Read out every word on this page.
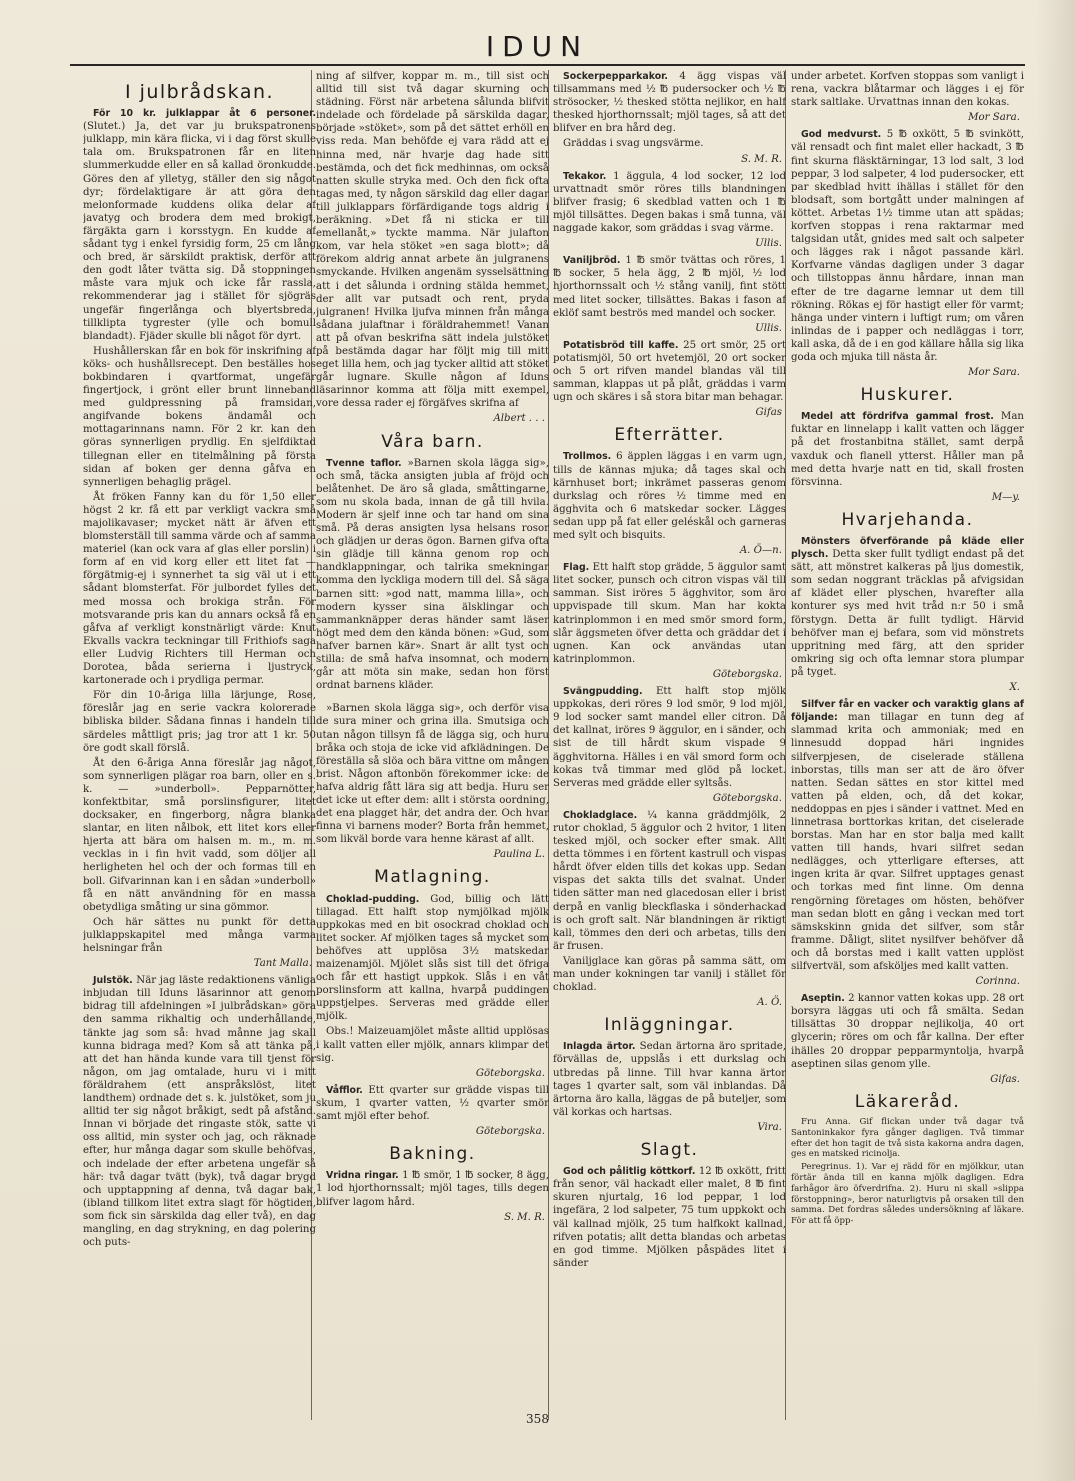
IDUN
I julbrådskan.

För 10 kr. julklappar åt 6 personer. (Slutet.) Ja, det var ju brukspatronens julklapp, min kära flicka, vi i dag först skulle tala om. Brukspatronen får en liten slummerkudde eller en så kallad öronkudde. Göres den af ylletyg, ställer den sig något dyr; fördelaktigare är att göra den melonformade kuddens olika delar af javatyg och brodera dem med brokigt, färgäkta garn i korsstygn. En kudde af sådant tyg i enkel fyrsidig form, 25 cm lång och bred, är särskildt praktisk, derför att den godt låter tvätta sig. Då stoppningen måste vara mjuk och icke får rassla, rekommenderar jag i stället för sjögräs ungefär fingerlånga och blyertsbreda, tillklipta tygrester (ylle och bomull blandadt). Fjäder skulle bli något för dyrt.

Hushållerskan får en bok för inskrifning af köks- och hushållsrecept. Den beställes hos bokbindaren i qvartformat, ungefär fingertjock, i grönt eller brunt linneband med guldpressning på framsidan, angifvande bokens ändamål och mottagarinnans namn. För 2 kr. kan den göras synnerligen prydlig. En sjelfdiktad tillegnan eller en titelmålning på första sidan af boken ger denna gåfva en synnerligen behaglig prägel.

Åt fröken Fanny kan du för 1,50 eller högst 2 kr. få ett par verkligt vackra små majolikavaser; mycket nätt är äfven ett blomsterställ till samma värde och af samma materiel (kan ock vara af glas eller porslin) i form af en vid korg eller ett litet fat — förgätmig-ej i synnerhet ta sig väl ut i ett sådant blomsterfat. För julbordet fylles det med mossa och brokiga strån. För motsvarande pris kan du annars också få en gåfva af verkligt konstnärligt värde: Knut Ekvalls vackra teckningar till Frithiofs saga eller Ludvig Richters till Herman och Dorotea, båda serierna i ljustryck, kartonerade och i prydliga permar.

För din 10-åriga lilla lärjunge, Rose, föreslår jag en serie vackra kolorerade bibliska bilder. Sådana finnas i handeln till särdeles måttligt pris; jag tror att 1 kr. 50 öre godt skall förslå.

Åt den 6-åriga Anna föreslår jag något, som synnerligen plägar roa barn, oller en s. k. — »underboll». Pepparnötter, konfektbitar, små porslinsfigurer, litet docksaker, en fingerborg, några blanka slantar, en liten nålbok, ett litet kors eller hjerta att bära om halsen m. m., m. m. vecklas in i fin hvit vadd, som döljer all herligheten hel och der och formas till en boll. Gifvarinnan kan i en sådan »underboll» få en nätt användning för en massa obetydliga småting ur sina gömmor.

Och här sättes nu punkt för detta julklappskapitel med många varma helsningar från

Tant Malla.

Julstök. När jag läste redaktionens vänliga inbjudan till Iduns läsarinnor att genom bidrag till afdelningen »I julbrådskan» göra den samma rikhaltig och underhållande, tänkte jag som så: hvad månne jag skall kunna bidraga med? Kom så att tänka på, att det han hända kunde vara till tjenst för någon, om jag omtalade, huru vi i mitt föräldrahem (ett anspråkslöst, litet landthem) ordnade det s. k. julstöket, som ju alltid ter sig något bråkigt, sedt på afstånd. Innan vi började det ringaste stök, satte vi oss alltid, min syster och jag, och räknade efter, hur många dagar som skulle behöfvas, och indelade der efter arbetena ungefär så här: två dagar tvätt (byk), två dagar brygd och upptappning af denna, två dagar bak, (ibland tillkom litet extra slagt för högtiden, som fick sin särskilda dag eller två), en dag mangling, en dag strykning, en dag polering och puts-

ning af silfver, koppar m. m., till sist och alltid till sist två dagar skurning och städning. Först när arbetena sålunda blifvit indelade och fördelade på särskilda dagar, började »stöket», som på det sättet erhöll en viss reda. Man behöfde ej vara rädd att ej hinna med, när hvarje dag hade sitt bestämda, och det fick medhinnas, om också natten skulle stryka med. Och den fick ofta tagas med, ty någon särskild dag eller dagar till julklappars förfärdigande togs aldrig i beräkning. »Det få ni sticka er till emellanåt,» tyckte mamma. När julafton kom, var hela stöket »en saga blott»; då förekom aldrig annat arbete än julgranens smyckande. Hvilken angenäm sysselsättning att i det sålunda i ordning stälda hemmet, der allt var putsadt och rent, pryda julgranen! Hvilka ljufva minnen från många sådana julaftnar i föräldrahemmet! Vanan att på ofvan beskrifna sätt indela julstöket på bestämda dagar har följt mig till mitt eget lilla hem, och jag tycker alltid att stöket går lugnare. Skulle någon af Iduns läsarinnor komma att följa mitt exempel, vore dessa rader ej förgäfves skrifna af

Albert . . .

Våra barn.

Tvenne taflor. »Barnen skola lägga sig», och små, täcka ansigten jubla af fröjd och belåtenhet. De äro så glada, småttingarne, som nu skola bada, innan de gå till hvila. Modern är sjelf inne och tar hand om sina små. På deras ansigten lysa helsans rosor och glädjen ur deras ögon. Barnen gifva ofta sin glädje till känna genom rop och handklappningar, och talrika smekningar komma den lyckliga modern till del. Så säga barnen sitt: »god natt, mamma lilla», och modern kysser sina älsklingar och sammanknäpper deras händer samt läser högt med dem den kända bönen: »Gud, som hafver barnen kär». Snart är allt tyst och stilla: de små hafva insomnat, och modern går att möta sin make, sedan hon först ordnat barnens kläder.

»Barnen skola lägga sig», och derför visa de sura miner och grina illa. Smutsiga och utan någon tillsyn få de lägga sig, och huru bråka och stoja de icke vid afklädningen. De föreställa så slöa och bära vittne om mången brist. Någon aftonbön förekommer icke: de hafva aldrig fått lära sig att bedja. Huru ser det icke ut efter dem: allt i största oordning, det ena plagget här, det andra der. Och hvar finna vi barnens moder? Borta från hemmet, som likväl borde vara henne kärast af allt.

Paulina L.

Matlagning.

Choklad-pudding. God, billig och lätt tillagad. Ett halft stop nymjölkad mjölk uppkokas med en bit osockrad choklad och litet socker. Af mjölken tages så mycket som behöfves att upplösa 3½ matskedar maizenamjöl. Mjölet slås sist till det öfriga och får ett hastigt uppkok. Slås i en våt porslinsform att kallna, hvarpå puddingen uppstjelpes. Serveras med grädde eller mjölk.

Obs.! Maizeuamjölet måste alltid upplösas i kallt vatten eller mjölk, annars klimpar det sig.

Göteborgska.

Våfflor. Ett qvarter sur grädde vispas till skum, 1 qvarter vatten, ½ qvarter smör samt mjöl efter behof.

Göteborgska.

Bakning.

Vridna ringar. 1 ℔ smör, 1 ℔ socker, 8 ägg, 1 lod hjorthornssalt; mjöl tages, tills degen blifver lagom hård.

S. M. R.

Sockerpepparkakor. 4 ägg vispas väl tillsammans med ½ ℔ pudersocker och ½ ℔ strösocker, ½ thesked stötta nejlikor, en half thesked hjorthornssalt; mjöl tages, så att det blifver en bra hård deg.

Gräddas i svag ungsvärme.

S. M. R.

Tekakor. 1 äggula, 4 lod socker, 12 lod urvattnadt smör röres tills blandningen blifver frasig; 6 skedblad vatten och 1 ℔ mjöl tillsättes. Degen bakas i små tunna, väl naggade kakor, som gräddas i svag värme.

Ullis.

Vaniljbröd. 1 ℔ smör tvättas och röres, 1 ℔ socker, 5 hela ägg, 2 ℔ mjöl, ½ lod hjorthornssalt och ½ stång vanilj, fint stött med litet socker, tillsättes. Bakas i fason af eklöf samt beströs med mandel och socker.

Ullis.

Potatisbröd till kaffe. 25 ort smör, 25 ort potatismjöl, 50 ort hvetemjöl, 20 ort socker och 5 ort rifven mandel blandas väl till samman, klappas ut på plåt, gräddas i varm ugn och skäres i så stora bitar man behagar.

Gifas

Efterrätter.

Trollmos. 6 äpplen läggas i en varm ugn, tills de kännas mjuka; då tages skal och kärnhuset bort; inkrämet passeras genom durkslag och röres ½ timme med en ägghvita och 6 matskedar socker. Lägges sedan upp på fat eller geléskål och garneras med sylt och bisquits.

A. Ö—n.

Flag. Ett halft stop grädde, 5 äggulor samt litet socker, punsch och citron vispas väl till samman. Sist iröres 5 ägghvitor, som äro uppvispade till skum. Man har kokta katrinplommon i en med smör smord form, slår äggsmeten öfver detta och gräddar det i ugnen. Kan ock användas utan katrinplommon.

Göteborgska.

Svängpudding. Ett halft stop mjölk uppkokas, deri röres 9 lod smör, 9 lod mjöl, 9 lod socker samt mandel eller citron. Då det kallnat, iröres 9 äggulor, en i sänder, och sist de till hårdt skum vispade 9 ägghvitorna. Hälles i en väl smord form och kokas två timmar med glöd på locket. Serveras med grädde eller syltsås.

Göteborgska.

Chokladglace. ¼ kanna gräddmjölk, 2 rutor choklad, 5 äggulor och 2 hvitor, 1 liten tesked mjöl, och socker efter smak. Allt detta tömmes i en förtent kastrull och vispas hårdt öfver elden tills det kokas upp. Sedan vispas det sakta tills det svalnat. Under tiden sätter man ned glacedosan eller i brist derpå en vanlig bleckflaska i sönderhackad is och groft salt. När blandningen är riktigt kall, tömmes den deri och arbetas, tills den är frusen.

Vaniljglace kan göras på samma sätt, om man under kokningen tar vanilj i stället för choklad.

A. Ö.

Inläggningar.

Inlagda ärtor. Sedan ärtorna äro spritade, förvällas de, uppslås i ett durkslag och utbredas på linne. Till hvar kanna ärtor tages 1 qvarter salt, som väl inblandas. Då ärtorna äro kalla, läggas de på buteljer, som väl korkas och hartsas.

Vira.

Slagt.

God och pålitlig köttkorf. 12 ℔ oxkött, fritt från senor, väl hackadt eller malet, 8 ℔ fint skuren njurtalg, 16 lod peppar, 1 lod ingefära, 2 lod salpeter, 75 tum uppkokt och väl kallnad mjölk, 25 tum halfkokt kallnad, rifven potatis; allt detta blandas och arbetas en god timme. Mjölken påspädes litet i sänder

under arbetet. Korfven stoppas som vanligt i rena, vackra blåtarmar och lägges i ej för stark saltlake. Urvattnas innan den kokas.

Mor Sara.

God medvurst. 5 ℔ oxkött, 5 ℔ svinkött, väl rensadt och fint malet eller hackadt, 3 ℔ fint skurna fläsktärningar, 13 lod salt, 3 lod peppar, 3 lod salpeter, 4 lod pudersocker, ett par skedblad hvitt ihällas i stället för den blodsaft, som bortgått under malningen af köttet. Arbetas 1½ timme utan att spädas; korfven stoppas i rena raktarmar med talgsidan utåt, gnides med salt och salpeter och lägges rak i något passande kärl. Korfvarne vändas dagligen under 3 dagar och tillstoppas ännu hårdare, innan man efter de tre dagarne lemnar ut dem till rökning. Rökas ej för hastigt eller för varmt; hänga under vintern i luftigt rum; om våren inlindas de i papper och nedläggas i torr, kall aska, då de i en god källare hålla sig lika goda och mjuka till nästa år.

Mor Sara.

Huskurer.

Medel att fördrifva gammal frost. Man fuktar en linnelapp i kallt vatten och lägger på det frostanbitna stället, samt derpå vaxduk och flanell ytterst. Håller man på med detta hvarje natt en tid, skall frosten försvinna.

M—y.

Hvarjehanda.

Mönsters öfverförande på kläde eller plysch. Detta sker fullt tydligt endast på det sätt, att mönstret kalkeras på ljus domestik, som sedan noggrant träcklas på afvigsidan af klädet eller plyschen, hvarefter alla konturer sys med hvit tråd n:r 50 i små förstygn. Detta är fullt tydligt. Härvid behöfver man ej befara, som vid mönstrets uppritning med färg, att den sprider omkring sig och ofta lemnar stora plumpar på tyget.

X.

Silfver får en vacker och varaktig glans af följande: man tillagar en tunn deg af slammad krita och ammoniak; med en linnesudd doppad häri ingnides silfverpjesen, de ciselerade ställena inborstas, tills man ser att de äro öfver natten. Sedan sättes en stor kittel med vatten på elden, och, då det kokar, neddoppas en pjes i sänder i vattnet. Med en linnetrasa borttorkas kritan, det ciselerade borstas. Man har en stor balja med kallt vatten till hands, hvari silfret sedan nedlägges, och ytterligare efterses, att ingen krita är qvar. Silfret upptages genast och torkas med fint linne. Om denna rengörning företages om hösten, behöfver man sedan blott en gång i veckan med tort sämskskinn gnida det silfver, som står framme. Dåligt, slitet nysilfver behöfver då och då borstas med i kallt vatten upplöst silfvertväl, som afsköljes med kallt vatten.

Corinna.

Aseptin. 2 kannor vatten kokas upp. 28 ort borsyra läggas uti och få smälta. Sedan tillsättas 30 droppar nejlikolja, 40 ort glycerin; röres om och får kallna. Der efter ihälles 20 droppar pepparmyntolja, hvarpå aseptinen silas genom ylle.

Gifas.

Läkareråd.

Fru Anna. Gif flickan under två dagar två Santoninkakor fyra gånger dagligen. Två timmar efter det hon tagit de två sista kakorna andra dagen, ges en matsked ricinolja.

Peregrinus. 1). Var ej rädd för en mjölkkur, utan förtär ända till en kanna mjölk dagligen. Edra farhågor äro öfverdrifna. 2). Huru ni skall »slippa förstoppning», beror naturligtvis på orsaken till den samma. Det fordras således undersökning af läkare. För att få öpp-

358
